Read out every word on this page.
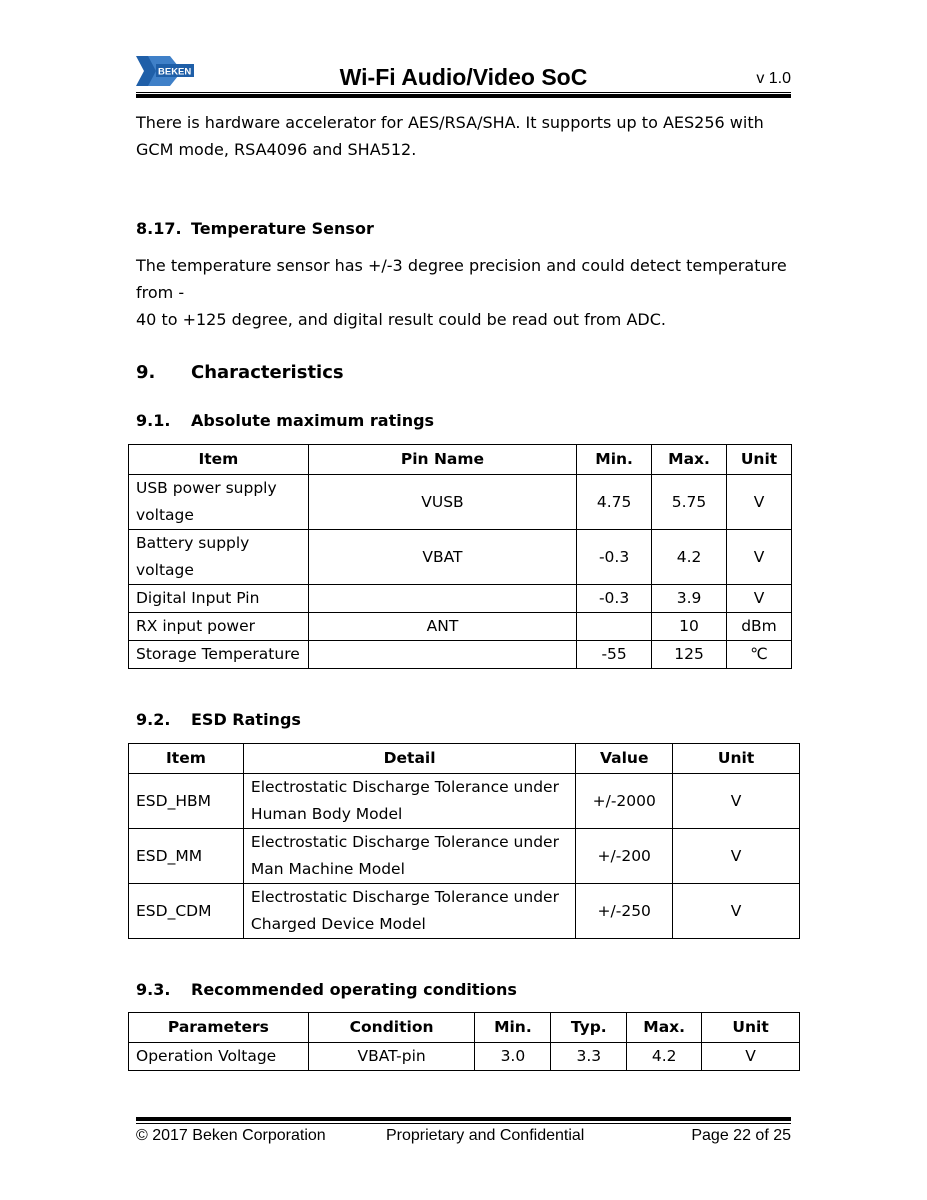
BEKEN	Wi-Fi Audio/Video SoC	v 1.0
There is hardware accelerator for AES/RSA/SHA. It supports up to AES256 with GCM mode, RSA4096 and SHA512.
8.17. Temperature Sensor
The temperature sensor has +/-3 degree precision and could detect temperature from -
40 to +125 degree, and digital result could be read out from ADC.
9. Characteristics
9.1. Absolute maximum ratings
Item	Pin Name	Min.	Max.	Unit
USB power supply voltage	VUSB	4.75	5.75	V
Battery supply voltage	VBAT	-0.3	4.2	V
Digital Input Pin		-0.3	3.9	V
RX input power	ANT		10	dBm
Storage Temperature		-55	125	℃
9.2. ESD Ratings
Item	Detail	Value	Unit
ESD_HBM	Electrostatic Discharge Tolerance under Human Body Model	+/-2000	V
ESD_MM	Electrostatic Discharge Tolerance under Man Machine Model	+/-200	V
ESD_CDM	Electrostatic Discharge Tolerance under Charged Device Model	+/-250	V
9.3. Recommended operating conditions
Parameters	Condition	Min.	Typ.	Max.	Unit
Operation Voltage	VBAT-pin	3.0	3.3	4.2	V
© 2017 Beken Corporation	Proprietary and Confidential	Page 22 of 25
